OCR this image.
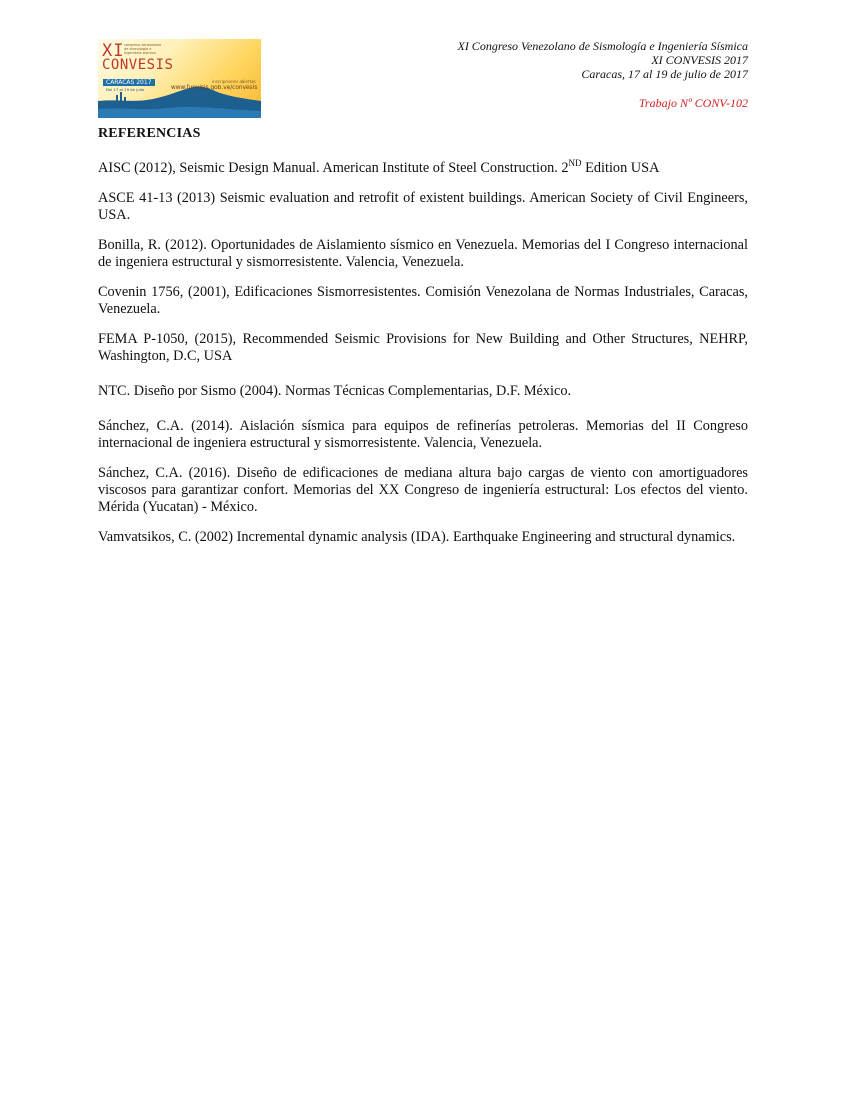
XI congreso venezolano de sismología e ingeniería sísmica
CONVESIS
CARACAS 2017
Del 17 al 19 de julio
inscripciones abiertas
www.funvisis.gob.ve/convesis
XI Congreso Venezolano de Sismología e Ingeniería Sísmica
XI CONVESIS 2017
Caracas, 17 al 19 de julio de 2017
Trabajo Nº CONV-102
REFERENCIAS

AISC (2012), Seismic Design Manual. American Institute of Steel Construction. 2ND Edition USA

ASCE 41-13 (2013) Seismic evaluation and retrofit of existent buildings. American Society of Civil Engineers, USA.

Bonilla, R. (2012). Oportunidades de Aislamiento sísmico en Venezuela. Memorias del I Congreso internacional de ingeniera estructural y sismorresistente. Valencia, Venezuela.

Covenin 1756, (2001), Edificaciones Sismorresistentes. Comisión Venezolana de Normas Industriales, Caracas, Venezuela.

FEMA P-1050, (2015), Recommended Seismic Provisions for New Building and Other Structures, NEHRP, Washington, D.C, USA

NTC. Diseño por Sismo (2004). Normas Técnicas Complementarias, D.F. México.

Sánchez, C.A. (2014). Aislación sísmica para equipos de refinerías petroleras. Memorias del II Congreso internacional de ingeniera estructural y sismorresistente. Valencia, Venezuela.

Sánchez, C.A. (2016). Diseño de edificaciones de mediana altura bajo cargas de viento con amortiguadores viscosos para garantizar confort. Memorias del XX Congreso de ingeniería estructural: Los efectos del viento. Mérida (Yucatan) - México.

Vamvatsikos, C. (2002) Incremental dynamic analysis (IDA). Earthquake Engineering and structural dynamics.
